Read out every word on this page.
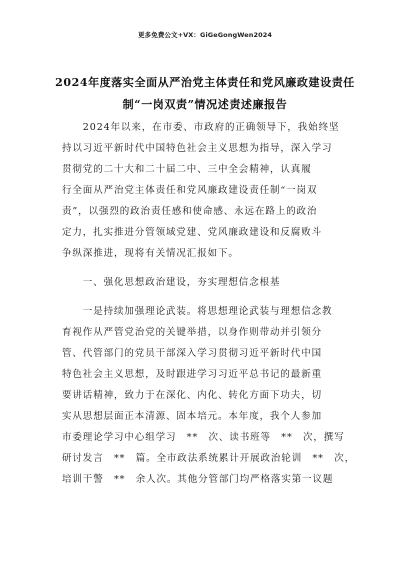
更多免费公文+VX：GiGeGongWen2024
2024年度落实全面从严治党主体责任和党风廉政建设责任
制“一岗双责”情况述责述廉报告
　　2024年以来，在市委、市政府的正确领导下，我始终坚
持以习近平新时代中国特色社会主义思想为指导，深入学习
贯彻党的二十大和二十届二中、三中全会精神，认真履
行全面从严治党主体责任和党风廉政建设责任制“一岗双
责”，以强烈的政治责任感和使命感、永远在路上的政治
定力，扎实推进分管领域党建、党风廉政建设和反腐败斗
争纵深推进，现将有关情况汇报如下。
　　一、强化思想政治建设，夯实理想信念根基
　　一是持续加强理论武装。将思想理论武装与理想信念教
育视作从严管党治党的关键举措，以身作则带动并引领分
管、代管部门的党员干部深入学习贯彻习近平新时代中国
特色社会主义思想，及时跟进学习习近平总书记的最新重
要讲话精神，致力于在深化、内化、转化方面下功夫，切
实从思想层面正本清源、固本培元。本年度，我个人参加
市委理论学习中心组学习　**　次、读书班等　**　次，撰写
研讨发言　**　篇。全市政法系统累计开展政治轮训　**　次，
培训干警　**　余人次。其他分管部门均严格落实第一议题
